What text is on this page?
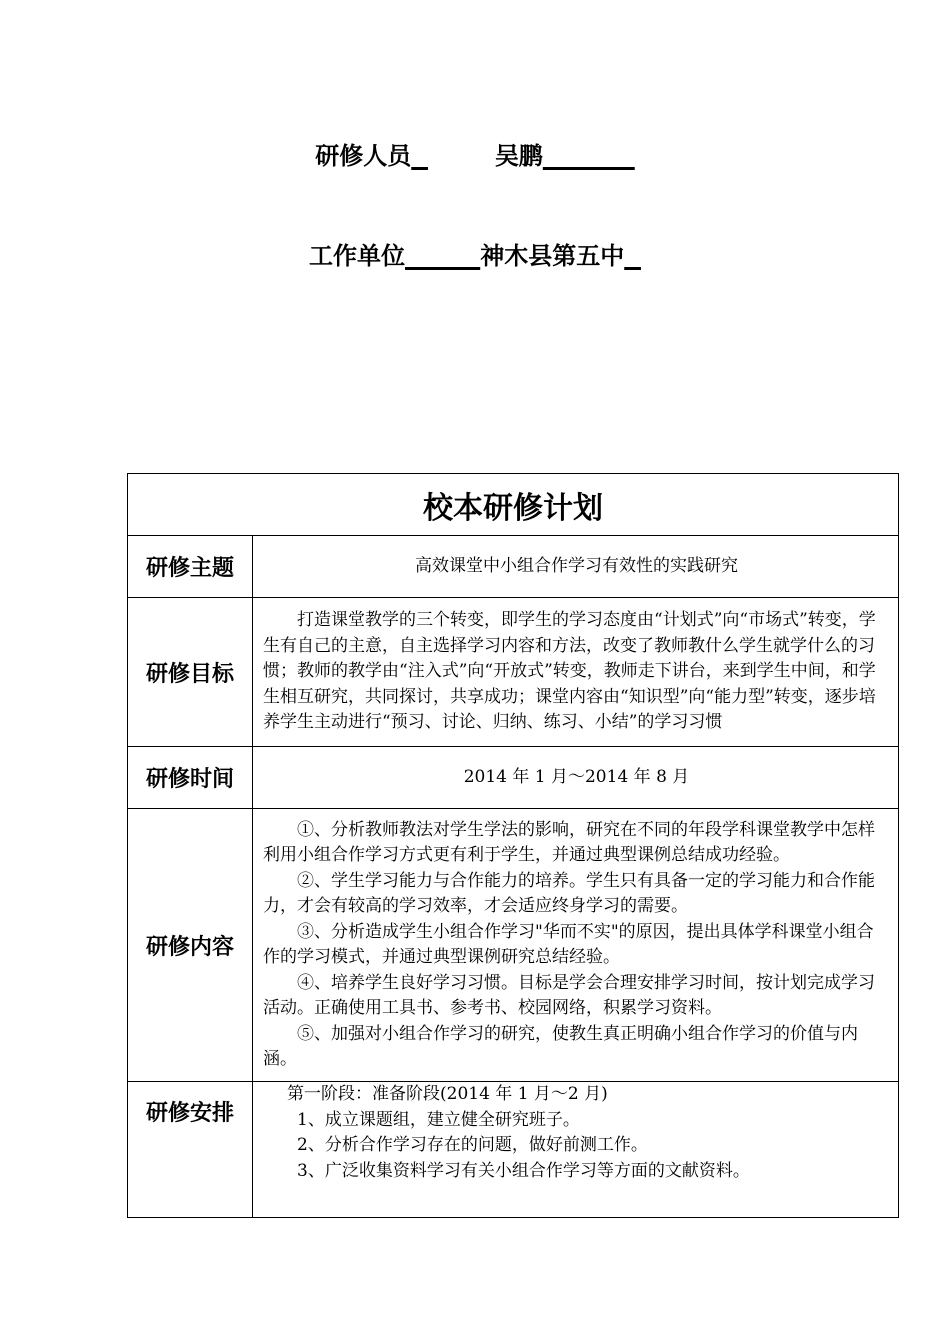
研修人员	吴鹏
工作单位	神木县第五中
校本研修计划	
研修主题	高效课堂中小组合作学习有效性的实践研究
研修目标	打造课堂教学的三个转变，即学生的学习态度由“计划式”向“市场式”转变，学生有自己的主意，自主选择学习内容和方法，改变了教师教什么学生就学什么的习惯；教师的教学由“注入式”向“开放式”转变，教师走下讲台，来到学生中间，和学生相互研究，共同探讨，共享成功；课堂内容由“知识型”向“能力型”转变，逐步培养学生主动进行“预习、讨论、归纳、练习、小结”的学习习惯

研修时间	2014 年 1 月～2014 年 8 月
研修内容	①、分析教师教法对学生学法的影响，研究在不同的年段学科课堂教学中怎样利用小组合作学习方式更有利于学生，并通过典型课例总结成功经验。

②、学生学习能力与合作能力的培养。学生只有具备一定的学习能力和合作能力，才会有较高的学习效率，才会适应终身学习的需要。

③、分析造成学生小组合作学习"华而不实"的原因，提出具体学科课堂小组合作的学习模式，并通过典型课例研究总结经验。

④、培养学生良好学习习惯。目标是学会合理安排学习时间，按计划完成学习活动。正确使用工具书、参考书、校园网络，积累学习资料。

⑤、加强对小组合作学习的研究，使教生真正明确小组合作学习的价值与内涵。

研修安排	第一阶段：准备阶段(2014 年 1 月～2 月)

1、成立课题组，建立健全研究班子。

2、分析合作学习存在的问题，做好前测工作。

3、广泛收集资料学习有关小组合作学习等方面的文献资料。
